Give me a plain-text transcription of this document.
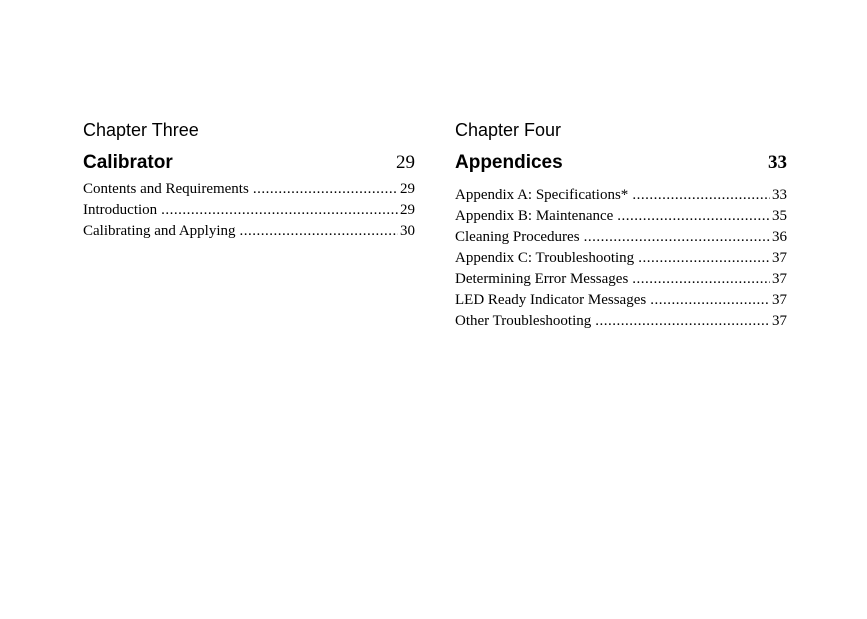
Chapter Three
Calibrator	29
Contents and Requirements .....	29
Introduction .....	29
Calibrating and Applying .....	30
Chapter Four
Appendices	33
Appendix A: Specifications* .....	33
Appendix B: Maintenance .....	35
Cleaning Procedures .....	36
Appendix C: Troubleshooting .....	37
Determining Error Messages .....	37
LED Ready Indicator Messages .....	37
Other Troubleshooting .....	37
